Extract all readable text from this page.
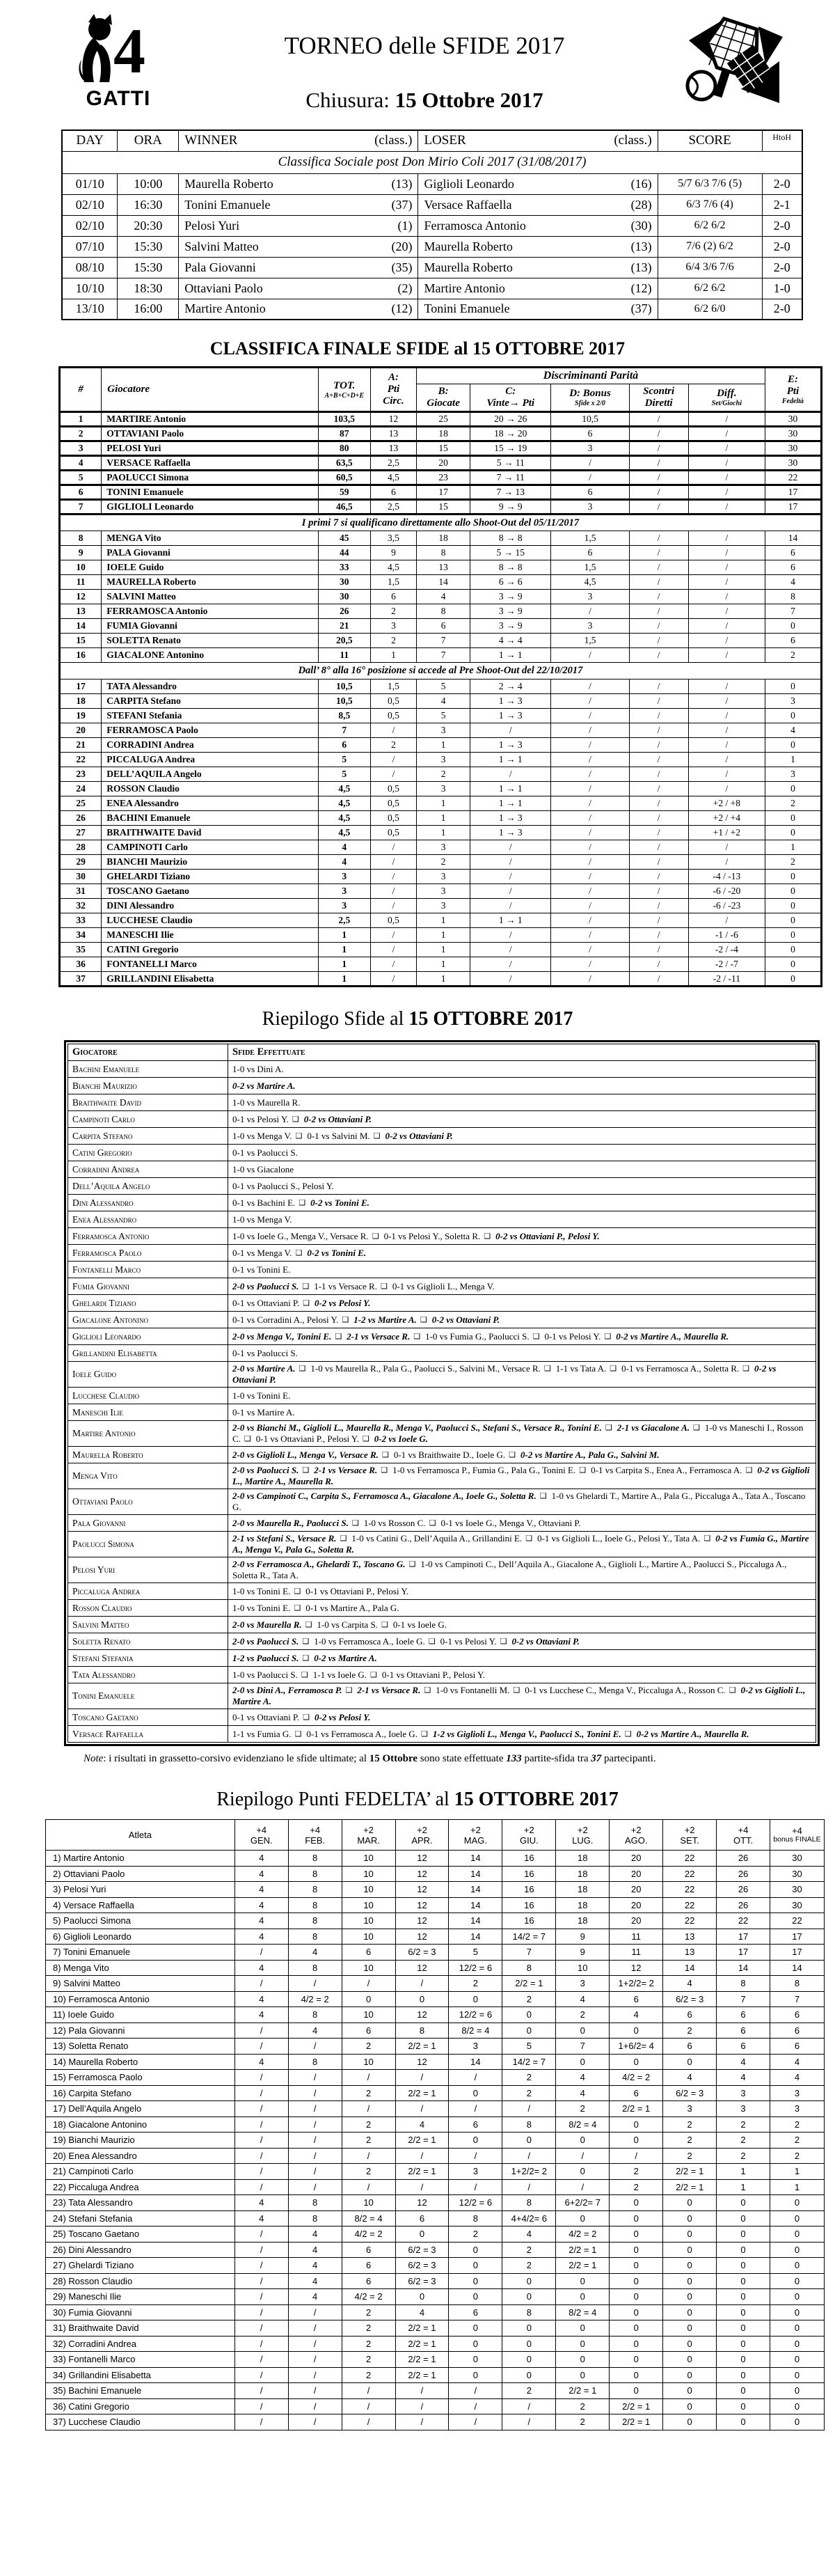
4
GATTI
TORNEO delle SFIDE 2017
Chiusura: 15 Ottobre 2017
DAY	ORA	WINNER (class.)	LOSER (class.)	SCORE	HtoH
Classifica Sociale post Don Mirio Coli 2017 (31/08/2017)					
01/10	10:00	Maurella Roberto (13)	Giglioli Leonardo (16)	5/7 6/3 7/6 (5)	2-0
02/10	16:30	Tonini Emanuele (37)	Versace Raffaella (28)	6/3 7/6 (4)	2-1
02/10	20:30	Pelosi Yuri (1)	Ferramosca Antonio (30)	6/2 6/2	2-0
07/10	15:30	Salvini Matteo (20)	Maurella Roberto (13)	7/6 (2) 6/2	2-0
08/10	15:30	Pala Giovanni (35)	Maurella Roberto (13)	6/4 3/6 7/6	2-0
10/10	18:30	Ottaviani Paolo (2)	Martire Antonio (12)	6/2 6/2	1-0
13/10	16:00	Martire Antonio (12)	Tonini Emanuele (37)	6/2 6/0	2-0
CLASSIFICA FINALE SFIDE al 15 OTTOBRE 2017
#	Giocatore	TOT.
A+B+C+D+E

A:
Pti
Circ.
	Discriminanti Parità	E:
Pti
Fedeltà

B:
Giocate

C:
Vinte→ Pti

D: Bonus
Sfide x 2/0

Scontri
Diretti

Diff.
Set/Giochi

1	MARTIRE Antonio	103,5	12	25	20 → 26	10,5	/	/	30
2	OTTAVIANI Paolo	87	13	18	18 → 20	6	/	/	30
3	PELOSI Yuri	80	13	15	15 → 19	3	/	/	30
4	VERSACE Raffaella	63,5	2,5	20	5 → 11	/	/	/	30
5	PAOLUCCI Simona	60,5	4,5	23	7 → 11	/	/	/	22
6	TONINI Emanuele	59	6	17	7 → 13	6	/	/	17
7	GIGLIOLI Leonardo	46,5	2,5	15	9 → 9	3	/	/	17
I primi 7 si qualificano direttamente allo Shoot-Out del 05/11/2017									
8	MENGA Vito	45	3,5	18	8 → 8	1,5	/	/	14
9	PALA Giovanni	44	9	8	5 → 15	6	/	/	6
10	IOELE Guido	33	4,5	13	8 → 8	1,5	/	/	6
11	MAURELLA Roberto	30	1,5	14	6 → 6	4,5	/	/	4
12	SALVINI Matteo	30	6	4	3 → 9	3	/	/	8
13	FERRAMOSCA Antonio	26	2	8	3 → 9	/	/	/	7
14	FUMIA Giovanni	21	3	6	3 → 9	3	/	/	0
15	SOLETTA Renato	20,5	2	7	4 → 4	1,5	/	/	6
16	GIACALONE Antonino	11	1	7	1 → 1	/	/	/	2
Dall’ 8° alla 16° posizione si accede al Pre Shoot-Out del 22/10/2017									
17	TATA Alessandro	10,5	1,5	5	2 → 4	/	/	/	0
18	CARPITA Stefano	10,5	0,5	4	1 → 3	/	/	/	3
19	STEFANI Stefania	8,5	0,5	5	1 → 3	/	/	/	0
20	FERRAMOSCA Paolo	7	/	3	/	/	/	/	4
21	CORRADINI Andrea	6	2	1	1 → 3	/	/	/	0
22	PICCALUGA Andrea	5	/	3	1 → 1	/	/	/	1
23	DELL’AQUILA Angelo	5	/	2	/	/	/	/	3
24	ROSSON Claudio	4,5	0,5	3	1 → 1	/	/	/	0
25	ENEA Alessandro	4,5	0,5	1	1 → 1	/	/	+2 / +8	2
26	BACHINI Emanuele	4,5	0,5	1	1 → 3	/	/	+2 / +4	0
27	BRAITHWAITE David	4,5	0,5	1	1 → 3	/	/	+1 / +2	0
28	CAMPINOTI Carlo	4	/	3	/	/	/	/	1
29	BIANCHI Maurizio	4	/	2	/	/	/	/	2
30	GHELARDI Tiziano	3	/	3	/	/	/	-4 / -13	0
31	TOSCANO Gaetano	3	/	3	/	/	/	-6 / -20	0
32	DINI Alessandro	3	/	3	/	/	/	-6 / -23	0
33	LUCCHESE Claudio	2,5	0,5	1	1 → 1	/	/	/	0
34	MANESCHI Ilie	1	/	1	/	/	/	-1 / -6	0
35	CATINI Gregorio	1	/	1	/	/	/	-2 / -4	0
36	FONTANELLI Marco	1	/	1	/	/	/	-2 / -7	0
37	GRILLANDINI Elisabetta	1	/	1	/	/	/	-2 / -11	0
Riepilogo Sfide al 15 OTTOBRE 2017
Giocatore	Sfide Effettuate
Bachini Emanuele	1-0 vs Dini A.
Bianchi Maurizio	0-2 vs Martire A.
Braithwaite David	1-0 vs Maurella R.
Campinoti Carlo	0-1 vs Pelosi Y. ❑ 0-2 vs Ottaviani P.
Carpita Stefano	1-0 vs Menga V. ❑ 0-1 vs Salvini M. ❑ 0-2 vs Ottaviani P.
Catini Gregorio	0-1 vs Paolucci S.
Corradini Andrea	1-0 vs Giacalone
Dell’Aquila Angelo	0-1 vs Paolucci S., Pelosi Y.
Dini Alessandro	0-1 vs Bachini E. ❑ 0-2 vs Tonini E.
Enea Alessandro	1-0 vs Menga V.
Ferramosca Antonio	1-0 vs Ioele G., Menga V., Versace R. ❑ 0-1 vs Pelosi Y., Soletta R. ❑ 0-2 vs Ottaviani P., Pelosi Y.
Ferramosca Paolo	0-1 vs Menga V. ❑ 0-2 vs Tonini E.
Fontanelli Marco	0-1 vs Tonini E.
Fumia Giovanni	2-0 vs Paolucci S. ❑ 1-1 vs Versace R. ❑ 0-1 vs Giglioli L., Menga V.
Ghelardi Tiziano	0-1 vs Ottaviani P. ❑ 0-2 vs Pelosi Y.
Giacalone Antonino	0-1 vs Corradini A., Pelosi Y. ❑ 1-2 vs Martire A. ❑ 0-2 vs Ottaviani P.
Giglioli Leonardo	2-0 vs Menga V., Tonini E. ❑ 2-1 vs Versace R. ❑ 1-0 vs Fumia G., Paolucci S. ❑ 0-1 vs Pelosi Y. ❑ 0-2 vs Martire A., Maurella R.
Grillandini Elisabetta	0-1 vs Paolucci S.
Ioele Guido	2-0 vs Martire A. ❑ 1-0 vs Maurella R., Pala G., Paolucci S., Salvini M., Versace R. ❑ 1-1 vs Tata A. ❑ 0-1 vs Ferramosca A., Soletta R. ❑ 0-2 vs Ottaviani P.
Lucchese Claudio	1-0 vs Tonini E.
Maneschi Ilie	0-1 vs Martire A.
Martire Antonio	2-0 vs Bianchi M., Giglioli L., Maurella R., Menga V., Paolucci S., Stefani S., Versace R., Tonini E. ❑ 2-1 vs Giacalone A. ❑ 1-0 vs Maneschi I., Rosson C. ❑ 0-1 vs Ottaviani P., Pelosi Y. ❑ 0-2 vs Ioele G.
Maurella Roberto	2-0 vs Giglioli L., Menga V., Versace R. ❑ 0-1 vs Braithwaite D., Ioele G. ❑ 0-2 vs Martire A., Pala G., Salvini M.
Menga Vito	2-0 vs Paolucci S. ❑ 2-1 vs Versace R. ❑ 1-0 vs Ferramosca P., Fumia G., Pala G., Tonini E. ❑ 0-1 vs Carpita S., Enea A., Ferramosca A. ❑ 0-2 vs Giglioli L., Martire A., Maurella R.
Ottaviani Paolo	2-0 vs Campinoti C., Carpita S., Ferramosca A., Giacalone A., Ioele G., Soletta R. ❑ 1-0 vs Ghelardi T., Martire A., Pala G., Piccaluga A., Tata A., Toscano G.
Pala Giovanni	2-0 vs Maurella R., Paolucci S. ❑ 1-0 vs Rosson C. ❑ 0-1 vs Ioele G., Menga V., Ottaviani P.
Paolucci Simona	2-1 vs Stefani S., Versace R. ❑ 1-0 vs Catini G., Dell’Aquila A., Grillandini E. ❑ 0-1 vs Giglioli L., Ioele G., Pelosi Y., Tata A. ❑ 0-2 vs Fumia G., Martire A., Menga V., Pala G., Soletta R.
Pelosi Yuri	2-0 vs Ferramosca A., Ghelardi T., Toscano G. ❑ 1-0 vs Campinoti C., Dell’Aquila A., Giacalone A., Giglioli L., Martire A., Paolucci S., Piccaluga A., Soletta R., Tata A.
Piccaluga Andrea	1-0 vs Tonini E. ❑ 0-1 vs Ottaviani P., Pelosi Y.
Rosson Claudio	1-0 vs Tonini E. ❑ 0-1 vs Martire A., Pala G.
Salvini Matteo	2-0 vs Maurella R. ❑ 1-0 vs Carpita S. ❑ 0-1 vs Ioele G.
Soletta Renato	2-0 vs Paolucci S. ❑ 1-0 vs Ferramosca A., Ioele G. ❑ 0-1 vs Pelosi Y. ❑ 0-2 vs Ottaviani P.
Stefani Stefania	1-2 vs Paolucci S. ❑ 0-2 vs Martire A.
Tata Alessandro	1-0 vs Paolucci S. ❑ 1-1 vs Ioele G. ❑ 0-1 vs Ottaviani P., Pelosi Y.
Tonini Emanuele	2-0 vs Dini A., Ferramosca P. ❑ 2-1 vs Versace R. ❑ 1-0 vs Fontanelli M. ❑ 0-1 vs Lucchese C., Menga V., Piccaluga A., Rosson C. ❑ 0-2 vs Giglioli L., Martire A.
Toscano Gaetano	0-1 vs Ottaviani P. ❑ 0-2 vs Pelosi Y.
Versace Raffaella	1-1 vs Fumia G. ❑ 0-1 vs Ferramosca A., Ioele G. ❑ 1-2 vs Giglioli L., Menga V., Paolucci S., Tonini E. ❑ 0-2 vs Martire A., Maurella R.
Note: i risultati in grassetto-corsivo evidenziano le sfide ultimate; al 15 Ottobre sono state effettuate 133 partite-sfida tra 37 partecipanti.
Riepilogo Punti FEDELTA’ al 15 OTTOBRE 2017
Atleta	+4
GEN.

+4
FEB.

+2
MAR.

+2
APR.

+2
MAG.

+2
GIU.

+2
LUG.

+2
AGO.

+2
SET.

+4
OTT.

+4
bonus FINALE

1) Martire Antonio	4	8	10	12	14	16	18	20	22	26	30
2) Ottaviani Paolo	4	8	10	12	14	16	18	20	22	26	30
3) Pelosi Yuri	4	8	10	12	14	16	18	20	22	26	30
4) Versace Raffaella	4	8	10	12	14	16	18	20	22	26	30
5) Paolucci Simona	4	8	10	12	14	16	18	20	22	22	22
6) Giglioli Leonardo	4	8	10	12	14	14/2 = 7	9	11	13	17	17
7) Tonini Emanuele	/	4	6	6/2 = 3	5	7	9	11	13	17	17
8) Menga Vito	4	8	10	12	12/2 = 6	8	10	12	14	14	14
9) Salvini Matteo	/	/	/	/	2	2/2 = 1	3	1+2/2= 2	4	8	8
10) Ferramosca Antonio	4	4/2 = 2	0	0	0	2	4	6	6/2 = 3	7	7
11) Ioele Guido	4	8	10	12	12/2 = 6	0	2	4	6	6	6
12) Pala Giovanni	/	4	6	8	8/2 = 4	0	0	0	2	6	6
13) Soletta Renato	/	/	2	2/2 = 1	3	5	7	1+6/2= 4	6	6	6
14) Maurella Roberto	4	8	10	12	14	14/2 = 7	0	0	0	4	4
15) Ferramosca Paolo	/	/	/	/	/	2	4	4/2 = 2	4	4	4
16) Carpita Stefano	/	/	2	2/2 = 1	0	2	4	6	6/2 = 3	3	3
17) Dell’Aquila Angelo	/	/	/	/	/	/	2	2/2 = 1	3	3	3
18) Giacalone Antonino	/	/	2	4	6	8	8/2 = 4	0	2	2	2
19) Bianchi Maurizio	/	/	2	2/2 = 1	0	0	0	0	2	2	2
20) Enea Alessandro	/	/	/	/	/	/	/	/	2	2	2
21) Campinoti Carlo	/	/	2	2/2 = 1	3	1+2/2= 2	0	2	2/2 = 1	1	1
22) Piccaluga Andrea	/	/	/	/	/	/	/	2	2/2 = 1	1	1
23) Tata Alessandro	4	8	10	12	12/2 = 6	8	6+2/2= 7	0	0	0	0
24) Stefani Stefania	4	8	8/2 = 4	6	8	4+4/2= 6	0	0	0	0	0
25) Toscano Gaetano	/	4	4/2 = 2	0	2	4	4/2 = 2	0	0	0	0
26) Dini Alessandro	/	4	6	6/2 = 3	0	2	2/2 = 1	0	0	0	0
27) Ghelardi Tiziano	/	4	6	6/2 = 3	0	2	2/2 = 1	0	0	0	0
28) Rosson Claudio	/	4	6	6/2 = 3	0	0	0	0	0	0	0
29) Maneschi Ilie	/	4	4/2 = 2	0	0	0	0	0	0	0	0
30) Fumia Giovanni	/	/	2	4	6	8	8/2 = 4	0	0	0	0
31) Braithwaite David	/	/	2	2/2 = 1	0	0	0	0	0	0	0
32) Corradini Andrea	/	/	2	2/2 = 1	0	0	0	0	0	0	0
33) Fontanelli Marco	/	/	2	2/2 = 1	0	0	0	0	0	0	0
34) Grillandini Elisabetta	/	/	2	2/2 = 1	0	0	0	0	0	0	0
35) Bachini Emanuele	/	/	/	/	/	2	2/2 = 1	0	0	0	0
36) Catini Gregorio	/	/	/	/	/	/	2	2/2 = 1	0	0	0
37) Lucchese Claudio	/	/	/	/	/	/	2	2/2 = 1	0	0	0
